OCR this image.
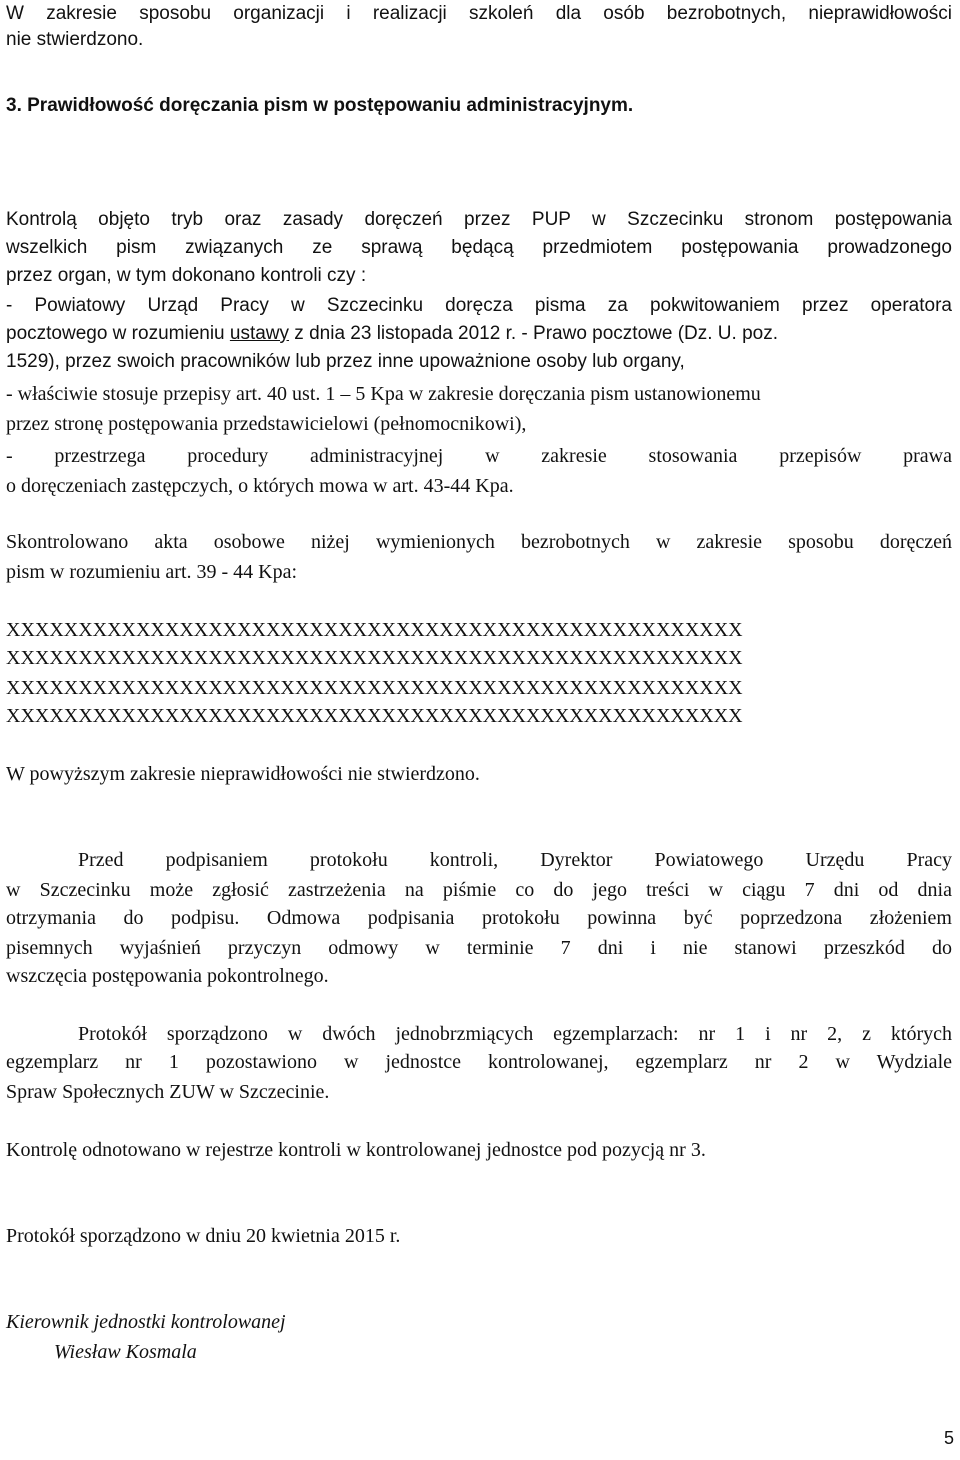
W zakresie sposobu organizacji i realizacji szkoleń dla osób bezrobotnych, nieprawidłowości

nie stwierdzono.

3. Prawidłowość doręczania pism w postępowaniu administracyjnym.

Kontrolą objęto tryb oraz zasady doręczeń przez PUP w Szczecinku stronom postępowania

wszelkich pism związanych ze sprawą będącą przedmiotem postępowania prowadzonego

przez organ, w tym dokonano kontroli czy :

- Powiatowy Urząd Pracy w Szczecinku doręcza pisma za pokwitowaniem przez operatora

pocztowego w rozumieniu ustawy z dnia 23 listopada 2012 r. - Prawo pocztowe (Dz. U. poz.

1529), przez swoich pracowników lub przez inne upoważnione osoby lub organy,

- właściwie stosuje przepisy art. 40 ust. 1 – 5 Kpa w zakresie doręczania pism ustanowionemu

przez stronę postępowania przedstawicielowi (pełnomocnikowi),

- przestrzega procedury administracyjnej w zakresie stosowania przepisów prawa

o doręczeniach zastępczych, o których mowa w art. 43-44 Kpa.

Skontrolowano akta osobowe niżej wymienionych bezrobotnych w zakresie sposobu doręczeń

pism w rozumieniu art. 39 - 44 Kpa:

XXXXXXXXXXXXXXXXXXXXXXXXXXXXXXXXXXXXXXXXXXXXXXXXXXX

XXXXXXXXXXXXXXXXXXXXXXXXXXXXXXXXXXXXXXXXXXXXXXXXXXX

XXXXXXXXXXXXXXXXXXXXXXXXXXXXXXXXXXXXXXXXXXXXXXXXXXX

XXXXXXXXXXXXXXXXXXXXXXXXXXXXXXXXXXXXXXXXXXXXXXXXXXX

W powyższym zakresie nieprawidłowości nie stwierdzono.

Przed podpisaniem protokołu kontroli, Dyrektor Powiatowego Urzędu Pracy

w Szczecinku może zgłosić zastrzeżenia na piśmie co do jego treści w ciągu 7 dni od dnia

otrzymania do podpisu. Odmowa podpisania protokołu powinna być poprzedzona złożeniem

pisemnych wyjaśnień przyczyn odmowy w terminie 7 dni i nie stanowi przeszkód do

wszczęcia postępowania pokontrolnego.

Protokół sporządzono w dwóch jednobrzmiących egzemplarzach: nr 1 i nr 2, z których

egzemplarz nr 1 pozostawiono w jednostce kontrolowanej, egzemplarz nr 2 w Wydziale

Spraw Społecznych ZUW w Szczecinie.

Kontrolę odnotowano w rejestrze kontroli w kontrolowanej jednostce pod pozycją nr 3.

Protokół sporządzono w dniu 20 kwietnia 2015 r.

Kierownik jednostki kontrolowanej

Wiesław Kosmala

5
